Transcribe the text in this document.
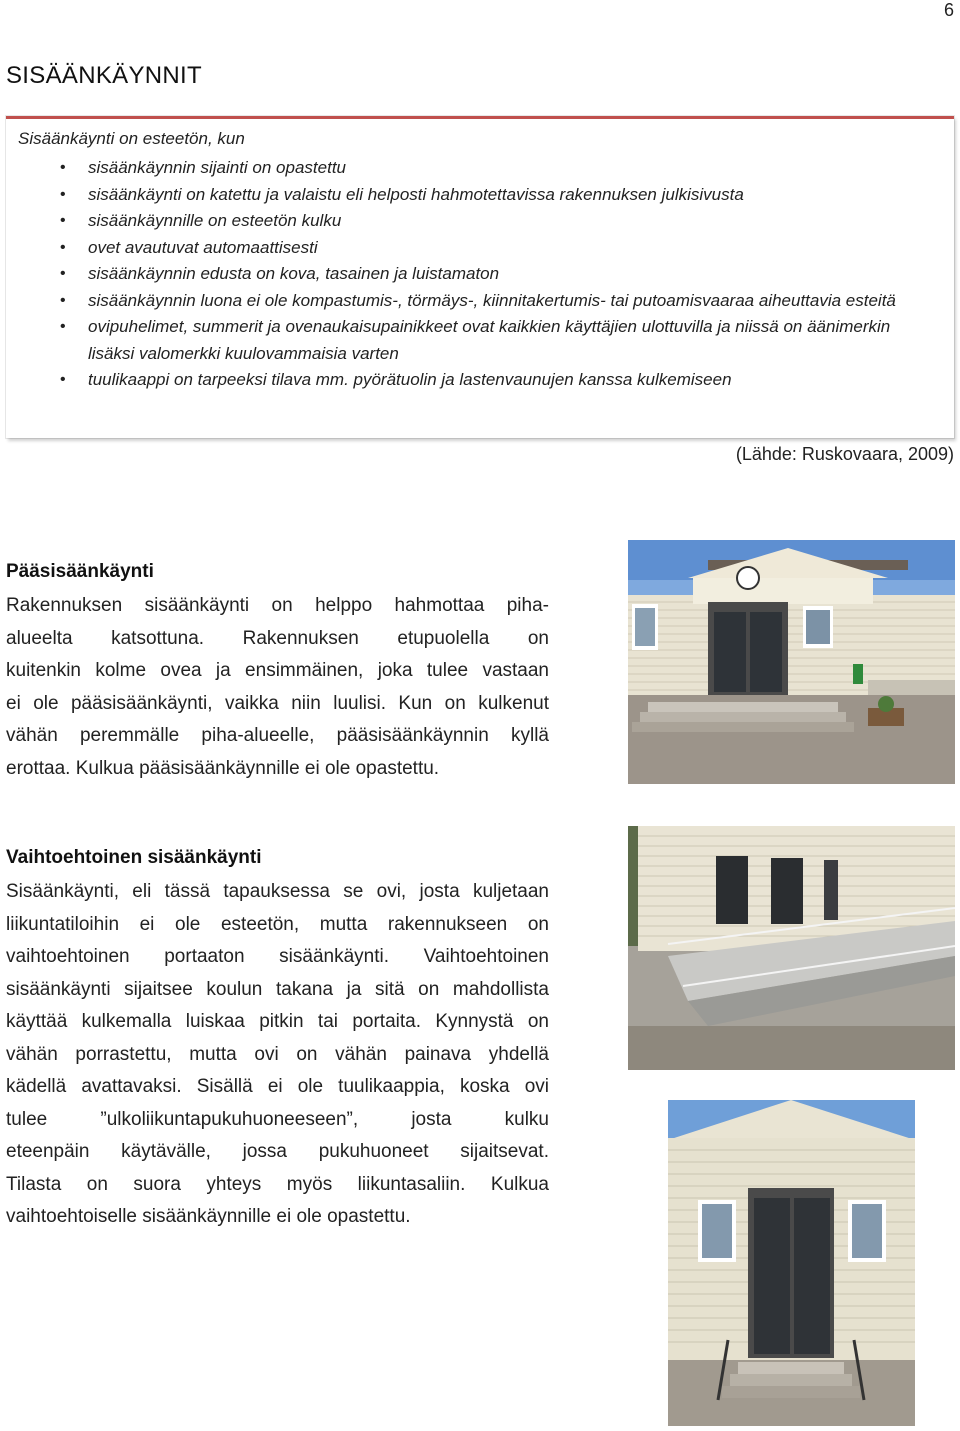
6
SISÄÄNKÄYNNIT
Sisäänkäynti on esteetön, kun
• sisäänkäynnin sijainti on opastettu
• sisäänkäynti on katettu ja valaistu eli helposti hahmotettavissa rakennuksen julkisivusta
• sisäänkäynnille on esteetön kulku
• ovet avautuvat automaattisesti
• sisäänkäynnin edusta on kova, tasainen ja luistamaton
• sisäänkäynnin luona ei ole kompastumis-, törmäys-, kiinnitakertumis- tai putoamisvaaraa aiheuttavia esteitä
• ovipuhelimet, summerit ja ovenaukaisupainikkeet ovat kaikkien käyttäjien ulottuvilla ja niissä on äänimerkin lisäksi valomerkki kuulovammaisia varten
• tuulikaappi on tarpeeksi tilava mm. pyörätuolin ja lastenvaunujen kanssa kulkemiseen
(Lähde: Ruskovaara, 2009)
Pääsisäänkäynti
Rakennuksen sisäänkäynti on helppo hahmottaa piha-
alueelta katsottuna. Rakennuksen etupuolella on
kuitenkin kolme ovea ja ensimmäinen, joka tulee vastaan
ei ole pääsisäänkäynti, vaikka niin luulisi. Kun on kulkenut
vähän peremmälle piha-alueelle, pääsisäänkäynnin kyllä
erottaa. Kulkua pääsisäänkäynnille ei ole opastettu.
Vaihtoehtoinen sisäänkäynti
Sisäänkäynti, eli tässä tapauksessa se ovi, josta kuljetaan
liikuntatiloihin ei ole esteetön, mutta rakennukseen on
vaihtoehtoinen portaaton sisäänkäynti. Vaihtoehtoinen
sisäänkäynti sijaitsee koulun takana ja sitä on mahdollista
käyttää kulkemalla luiskaa pitkin tai portaita. Kynnystä on
vähän porrastettu, mutta ovi on vähän painava yhdellä
kädellä avattavaksi. Sisällä ei ole tuulikaappia, koska ovi
tulee ”ulkoliikuntapukuhuoneeseen”, josta kulku
eteenpäin käytävälle, jossa pukuhuoneet sijaitsevat.
Tilasta on suora yhteys myös liikuntasaliin. Kulkua
vaihtoehtoiselle sisäänkäynnille ei ole opastettu.
